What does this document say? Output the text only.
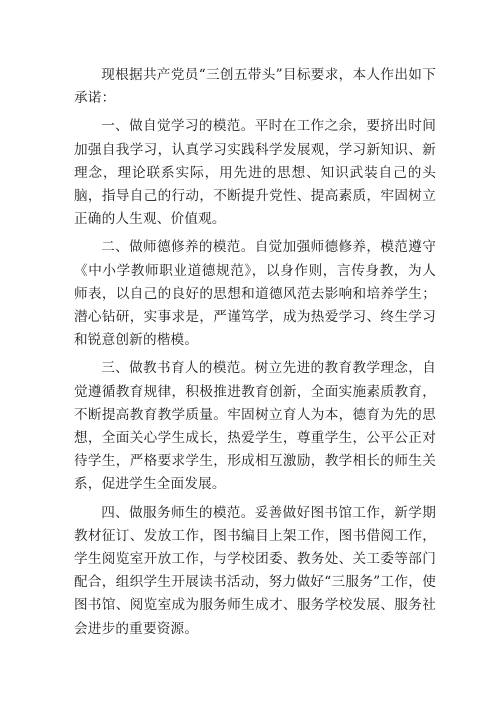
现根据共产党员“三创五带头”目标要求，本人作出如下承诺：

一、做自觉学习的模范。平时在工作之余，要挤出时间加强自我学习，认真学习实践科学发展观，学习新知识、新理念，理论联系实际，用先进的思想、知识武装自己的头脑，指导自己的行动，不断提升党性、提高素质，牢固树立正确的人生观、价值观。

二、做师德修养的模范。自觉加强师德修养，模范遵守《中小学教师职业道德规范》，以身作则，言传身教，为人师表，以自己的良好的思想和道德风范去影响和培养学生；潜心钻研，实事求是，严谨笃学，成为热爱学习、终生学习和锐意创新的楷模。

三、做教书育人的模范。树立先进的教育教学理念，自觉遵循教育规律，积极推进教育创新，全面实施素质教育，不断提高教育教学质量。牢固树立育人为本，德育为先的思想，全面关心学生成长，热爱学生，尊重学生，公平公正对待学生，严格要求学生，形成相互激励，教学相长的师生关系，促进学生全面发展。

四、做服务师生的模范。妥善做好图书馆工作，新学期教材征订、发放工作，图书编目上架工作，图书借阅工作，学生阅览室开放工作，与学校团委、教务处、关工委等部门配合，组织学生开展读书活动，努力做好“三服务”工作，使图书馆、阅览室成为服务师生成才、服务学校发展、服务社会进步的重要资源。
